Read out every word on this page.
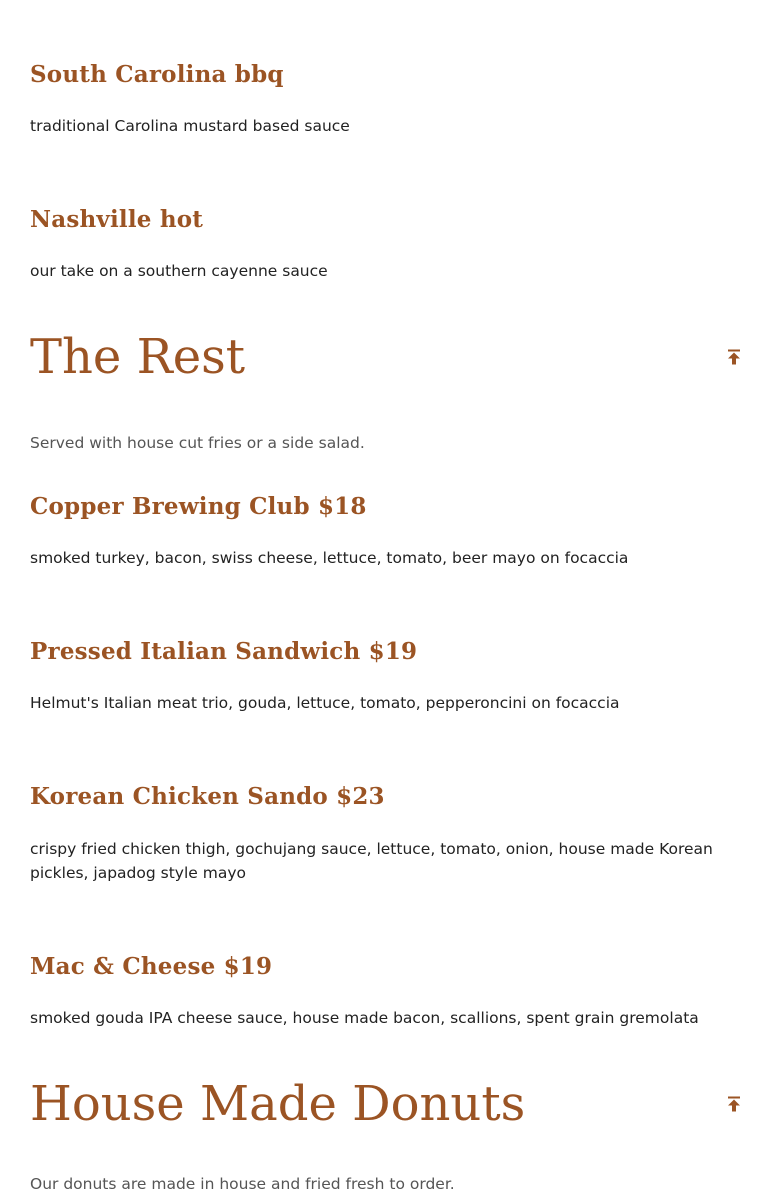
South Carolina bbq

traditional Carolina mustard based sauce

Nashville hot

our take on a southern cayenne sauce

The Rest

Served with house cut fries or a side salad.

Copper Brewing Club $18

smoked turkey, bacon, swiss cheese, lettuce, tomato, beer mayo on focaccia

Pressed Italian Sandwich $19

Helmut's Italian meat trio, gouda, lettuce, tomato, pepperoncini on focaccia

Korean Chicken Sando $23

crispy fried chicken thigh, gochujang sauce, lettuce, tomato, onion, house made Korean pickles, japadog style mayo

Mac & Cheese $19

smoked gouda IPA cheese sauce, house made bacon, scallions, spent grain gremolata

House Made Donuts

Our donuts are made in house and fried fresh to order.
